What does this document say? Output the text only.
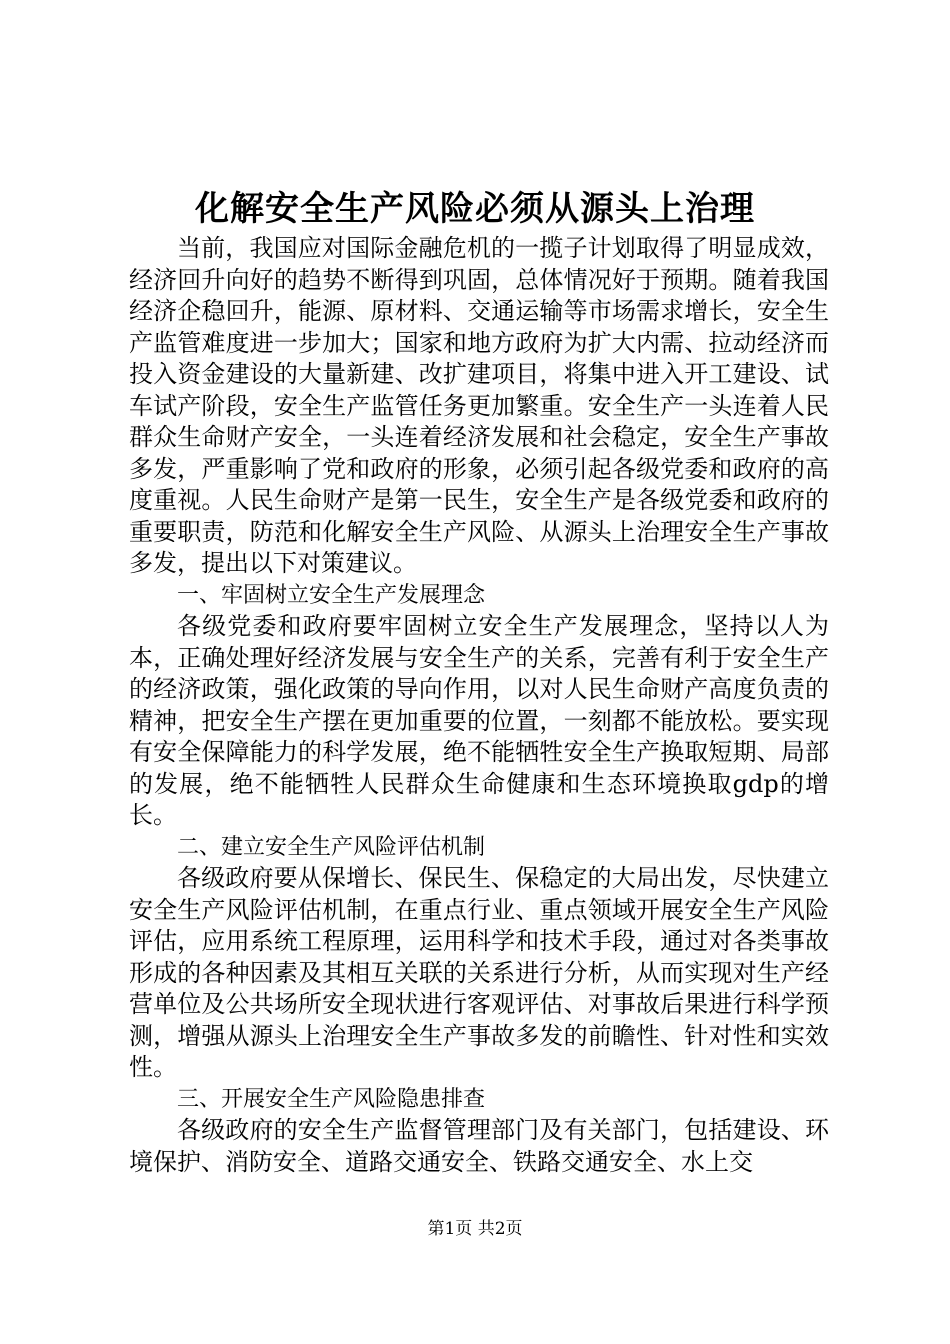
化解安全生产风险必须从源头上治理

当前，我国应对国际金融危机的一揽子计划取得了明显成效，经济回升向好的趋势不断得到巩固，总体情况好于预期。随着我国经济企稳回升，能源、原材料、交通运输等市场需求增长，安全生产监管难度进一步加大；国家和地方政府为扩大内需、拉动经济而投入资金建设的大量新建、改扩建项目，将集中进入开工建设、试车试产阶段，安全生产监管任务更加繁重。安全生产一头连着人民群众生命财产安全，一头连着经济发展和社会稳定，安全生产事故多发，严重影响了党和政府的形象，必须引起各级党委和政府的高度重视。人民生命财产是第一民生，安全生产是各级党委和政府的重要职责，防范和化解安全生产风险、从源头上治理安全生产事故多发，提出以下对策建议。

一、牢固树立安全生产发展理念

各级党委和政府要牢固树立安全生产发展理念，坚持以人为本，正确处理好经济发展与安全生产的关系，完善有利于安全生产的经济政策，强化政策的导向作用，以对人民生命财产高度负责的精神，把安全生产摆在更加重要的位置，一刻都不能放松。要实现有安全保障能力的科学发展，绝不能牺牲安全生产换取短期、局部的发展，绝不能牺牲人民群众生命健康和生态环境换取gdp的增长。

二、建立安全生产风险评估机制

各级政府要从保增长、保民生、保稳定的大局出发，尽快建立安全生产风险评估机制，在重点行业、重点领域开展安全生产风险评估，应用系统工程原理，运用科学和技术手段，通过对各类事故形成的各种因素及其相互关联的关系进行分析，从而实现对生产经营单位及公共场所安全现状进行客观评估、对事故后果进行科学预测，增强从源头上治理安全生产事故多发的前瞻性、针对性和实效性。

三、开展安全生产风险隐患排查

各级政府的安全生产监督管理部门及有关部门，包括建设、环境保护、消防安全、道路交通安全、铁路交通安全、水上交

第1页 共2页
